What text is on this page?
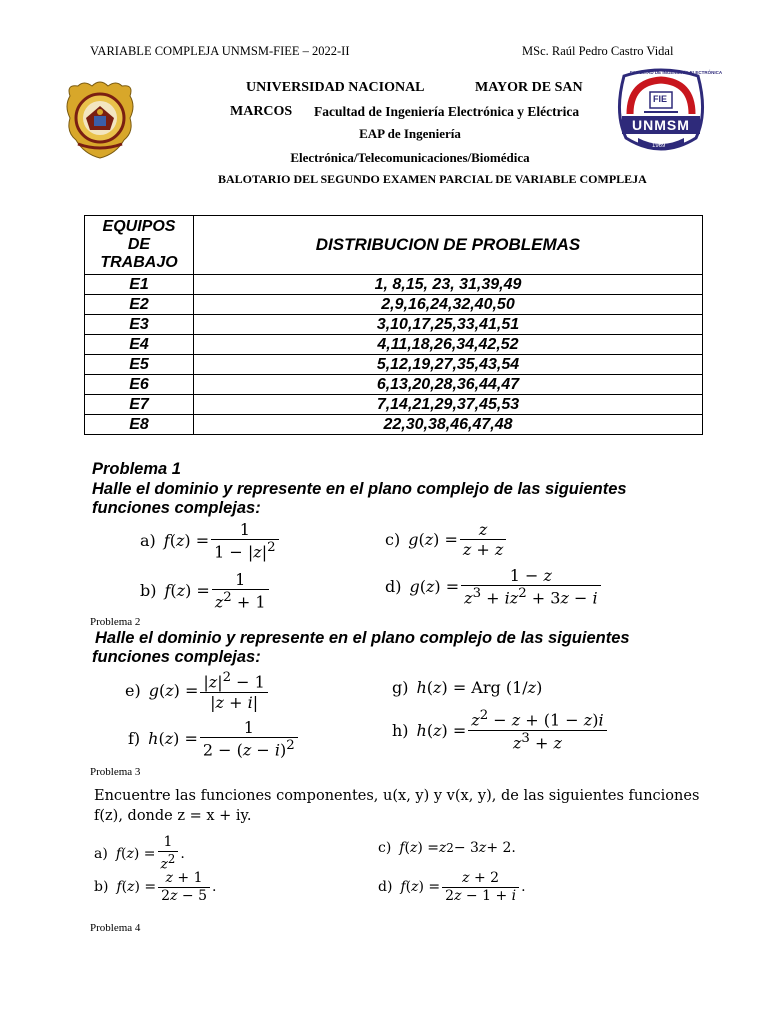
VARIABLE COMPLEJA UNMSM-FIEE – 2022-II	MSc. Raúl Pedro Castro Vidal
FIE
UNMSM
1969
FACULTAD DE INGENIERÍA ELECTRÓNICA
UNIVERSIDAD NACIONAL	MAYOR DE SAN
MARCOS Facultad de Ingeniería Electrónica y Eléctrica
EAP de Ingeniería
Electrónica/Telecomunicaciones/Biomédica
BALOTARIO DEL SEGUNDO EXAMEN PARCIAL DE VARIABLE COMPLEJA
EQUIPOS
DE
TRABAJO	DISTRIBUCION DE PROBLEMAS
E1	1, 8,15, 23, 31,39,49
E2	2,9,16,24,32,40,50
E3	3,10,17,25,33,41,51
E4	4,11,18,26,34,42,52
E5	5,12,19,27,35,43,54
E6	6,13,20,28,36,44,47
E7	7,14,21,29,37,45,53
E8	22,30,38,46,47,48
Problema 1
Halle el dominio y represente en el plano complejo de las siguientes funciones complejas:
a) f ( z ) = $\frac{1}{1 - |z|^2}$	c) g ( z ) = $\frac{z}{z + \overline{z}}$
b) f ( z ) = $\frac{1}{z^2 + 1}$	d) g ( z ) = $\frac{1 - z}{z^3 + iz^2 + 3z - i}$
Problema 2
Halle el dominio y represente en el plano complejo de las siguientes funciones complejas:
e) g ( z ) = $\frac{|z|^2 - 1}{|z + i|}$	g) h ( z ) = Arg (1/ z )
f) h ( z ) = $\frac{1}{2 - (z - i)^2}$	h) h ( z ) = $\frac{z^2 - z + (1 - z)i}{z^3 + z}$
Problema 3
Encuentre las funciones componentes, u(x, y) y v(x, y), de las siguientes funciones
f(z), donde z = x + iy.
a) f ( z ) = $\frac{1}{z^2}$ .	c) f ( z ) = z 2 − 3 z + 2.
b) f ( z ) = $\frac{z + 1}{2z - 5}$ .	d) f ( z ) = $\frac{z + 2}{2z - 1 + i}$ .
Problema 4
